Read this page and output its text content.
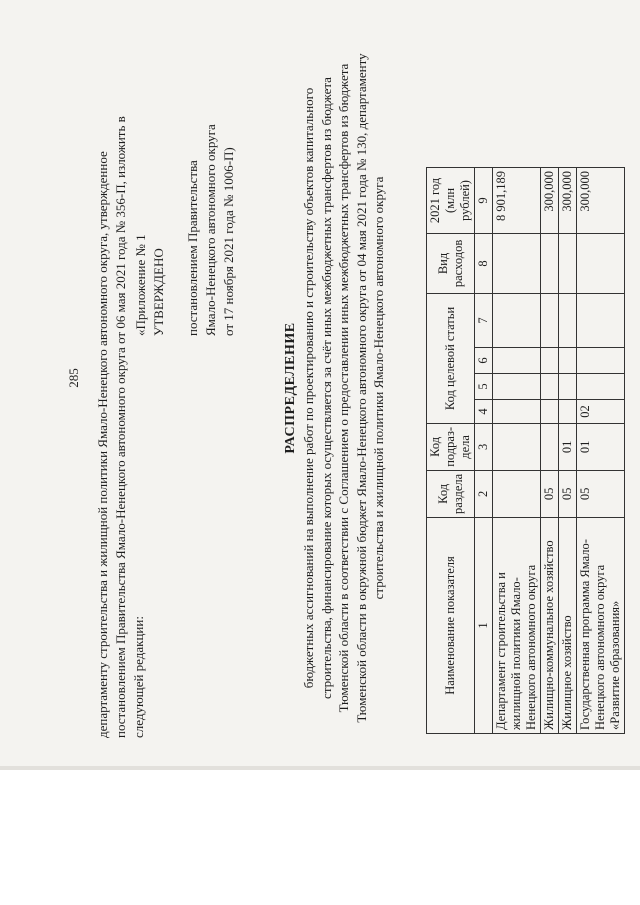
285 департаменту строительства и жилищной политики Ямало-Ненецкого автономного округа, утвержденное постановлением Правительства Ямало-Ненецкого автономного округа от 06 мая 2021 года № 356-П, изложить в следующей редакции:
«Приложение № 1 УТВЕРЖДЕНО постановлением Правительства Ямало-Ненецкого автономного округа от 17 ноября 2021 года № 1006-П)
РАСПРЕДЕЛЕНИЕ бюджетных ассигнований на выполнение работ по проектированию и строительству объектов капитального строительства, финансирование которых осуществляется за счёт иных межбюджетных трансфертов из бюджета Тюменской области в соответствии с Соглашением о предоставлении иных межбюджетных трансфертов из бюджета Тюменской области в окружной бюджет Ямало-Ненецкого автономного округа от 04 мая 2021 года № 130, департаменту строительства и жилищной политики Ямало-Ненецкого автономного округа
Наименование показателя	Код раздела	Код подраз-дела	Код целевой статьи				Вид расходов	2021 год (млн рублей)
1	2	3	4	5	6	7	8	9
Департамент строительства и жилищной политики Ямало-Ненецкого автономного округа								8 901,189
Жилищно-коммунальное хозяйство	05							300,000
Жилищное хозяйство	05	01						300,000
Государственная программа Ямало-Ненецкого автономного округа «Развитие образования»	05	01	02					300,000
